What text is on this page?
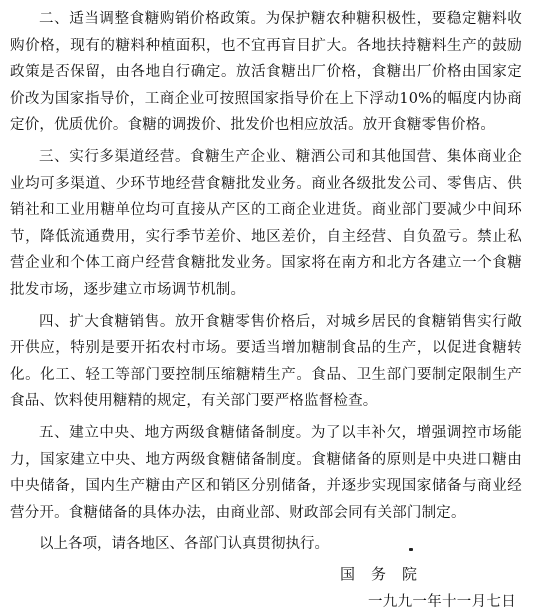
二、适当调整食糖购销价格政策。为保护糖农种糖积极性，要稳定糖料收购价格，现有的糖料种植面积，也不宜再盲目扩大。各地扶持糖料生产的鼓励政策是否保留，由各地自行确定。放活食糖出厂价格，食糖出厂价格由国家定价改为国家指导价，工商企业可按照国家指导价在上下浮动10%的幅度内协商定价，优质优价。食糖的调拨价、批发价也相应放活。放开食糖零售价格。

三、实行多渠道经营。食糖生产企业、糖酒公司和其他国营、集体商业企业均可多渠道、少环节地经营食糖批发业务。商业各级批发公司、零售店、供销社和工业用糖单位均可直接从产区的工商企业进货。商业部门要减少中间环节，降低流通费用，实行季节差价、地区差价，自主经营、自负盈亏。禁止私营企业和个体工商户经营食糖批发业务。国家将在南方和北方各建立一个食糖批发市场，逐步建立市场调节机制。

四、扩大食糖销售。放开食糖零售价格后，对城乡居民的食糖销售实行敞开供应，特别是要开拓农村市场。要适当增加糖制食品的生产，以促进食糖转化。化工、轻工等部门要控制压缩糖精生产。食品、卫生部门要制定限制生产食品、饮料使用糖精的规定，有关部门要严格监督检查。

五、建立中央、地方两级食糖储备制度。为了以丰补欠，增强调控市场能力，国家建立中央、地方两级食糖储备制度。食糖储备的原则是中央进口糖由中央储备，国内生产糖由产区和销区分别储备，并逐步实现国家储备与商业经营分开。食糖储备的具体办法，由商业部、财政部会同有关部门制定。

以上各项，请各地区、各部门认真贯彻执行。

国务院
一九九一年十一月七日
